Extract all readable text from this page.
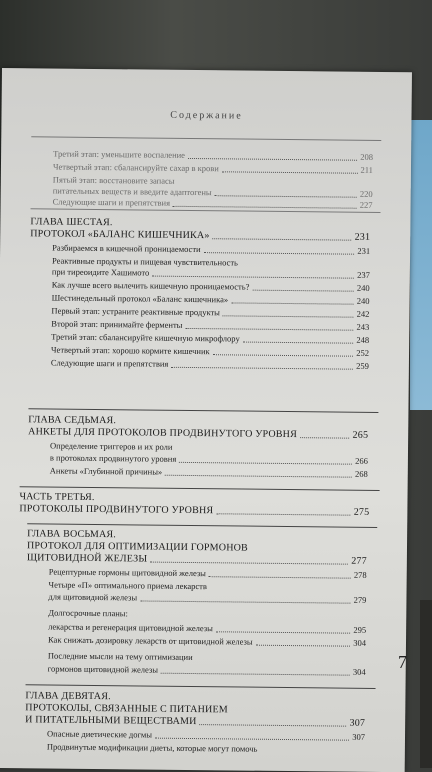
Содержание
Третий этап: уменьшите воспаление	208
Четвертый этап: сбалансируйте сахар в крови	211
Пятый этап: восстановите запасы
питательных веществ и введите адаптогены	220
Следующие шаги и препятствия	227
ГЛАВА ШЕСТАЯ.
ПРОТОКОЛ «БАЛАНС КИШЕЧНИКА»	231
Разбираемся в кишечной проницаемости	231
Реактивные продукты и пищевая чувствительность
при тиреоидите Хашимото	237
Как лучше всего вылечить кишечную проницаемость?	240
Шестинедельный протокол «Баланс кишечника»	240
Первый этап: устраните реактивные продукты	242
Второй этап: принимайте ферменты	243
Третий этап: сбалансируйте кишечную микрофлору	248
Четвертый этап: хорошо кормите кишечник	252
Следующие шаги и препятствия	259
ГЛАВА СЕДЬМАЯ.
АНКЕТЫ ДЛЯ ПРОТОКОЛОВ ПРОДВИНУТОГО УРОВНЯ	265
Определение триггеров и их роли
в протоколах продвинутого уровня	266
Анкеты «Глубинной причины»	268
ЧАСТЬ ТРЕТЬЯ.
ПРОТОКОЛЫ ПРОДВИНУТОГО УРОВНЯ	275
ГЛАВА ВОСЬМАЯ.
ПРОТОКОЛ ДЛЯ ОПТИМИЗАЦИИ ГОРМОНОВ
ЩИТОВИДНОЙ ЖЕЛЕЗЫ	277
Рецептурные гормоны щитовидной железы	278
Четыре «П» оптимального приема лекарств
для щитовидной железы	279
Долгосрочные планы:
лекарства и регенерация щитовидной железы	295
Как снижать дозировку лекарств от щитовидной железы	304
Последние мысли на тему оптимизации
гормонов щитовидной железы	304
ГЛАВА ДЕВЯТАЯ.
ПРОТОКОЛЫ, СВЯЗАННЫЕ С ПИТАНИЕМ
И ПИТАТЕЛЬНЫМИ ВЕЩЕСТВАМИ	307
Опасные диетические догмы	307
Продвинутые модификации диеты, которые могут помочь
7
